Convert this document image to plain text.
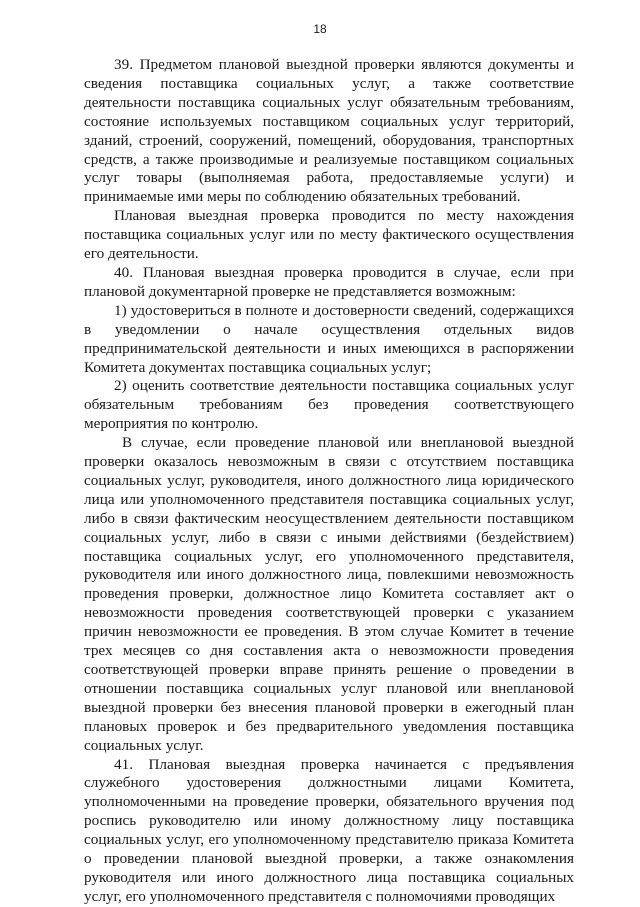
18

39. Предметом плановой выездной проверки являются документы и сведения поставщика социальных услуг, а также соответствие деятельности поставщика социальных услуг обязательным требованиям, состояние используемых поставщиком социальных услуг территорий, зданий, строений, сооружений, помещений, оборудования, транспортных средств, а также производимые и реализуемые поставщиком социальных услуг товары (выполняемая работа, предоставляемые услуги) и принимаемые ими меры по соблюдению обязательных требований.

Плановая выездная проверка проводится по месту нахождения поставщика социальных услуг или по месту фактического осуществления его деятельности.

40. Плановая выездная проверка проводится в случае, если при плановой документарной проверке не представляется возможным:

1) удостовериться в полноте и достоверности сведений, содержащихся в уведомлении о начале осуществления отдельных видов предпринимательской деятельности и иных имеющихся в распоряжении Комитета документах поставщика социальных услуг;

2) оценить соответствие деятельности поставщика социальных услуг обязательным требованиям без проведения соответствующего мероприятия по контролю.

В случае, если проведение плановой или внеплановой выездной проверки оказалось невозможным в связи с отсутствием поставщика социальных услуг, руководителя, иного должностного лица юридического лица или уполномоченного представителя поставщика социальных услуг, либо в связи фактическим неосуществлением деятельности поставщиком социальных услуг, либо в связи с иными действиями (бездействием) поставщика социальных услуг, его уполномоченного представителя, руководителя или иного должностного лица, повлекшими невозможность проведения проверки, должностное лицо Комитета составляет акт о невозможности проведения соответствующей проверки с указанием причин невозможности ее проведения. В этом случае Комитет в течение трех месяцев со дня составления акта о невозможности проведения соответствующей проверки вправе принять решение о проведении в отношении поставщика социальных услуг плановой или внеплановой выездной проверки без внесения плановой проверки в ежегодный план плановых проверок и без предварительного уведомления поставщика социальных услуг.

41. Плановая выездная проверка начинается с предъявления служебного удостоверения должностными лицами Комитета, уполномоченными на проведение проверки, обязательного вручения под роспись руководителю или иному должностному лицу поставщика социальных услуг, его уполномоченному представителю приказа Комитета о проведении плановой выездной проверки, а также ознакомления руководителя или иного должностного лица поставщика социальных услуг, его уполномоченного представителя с полномочиями проводящих
